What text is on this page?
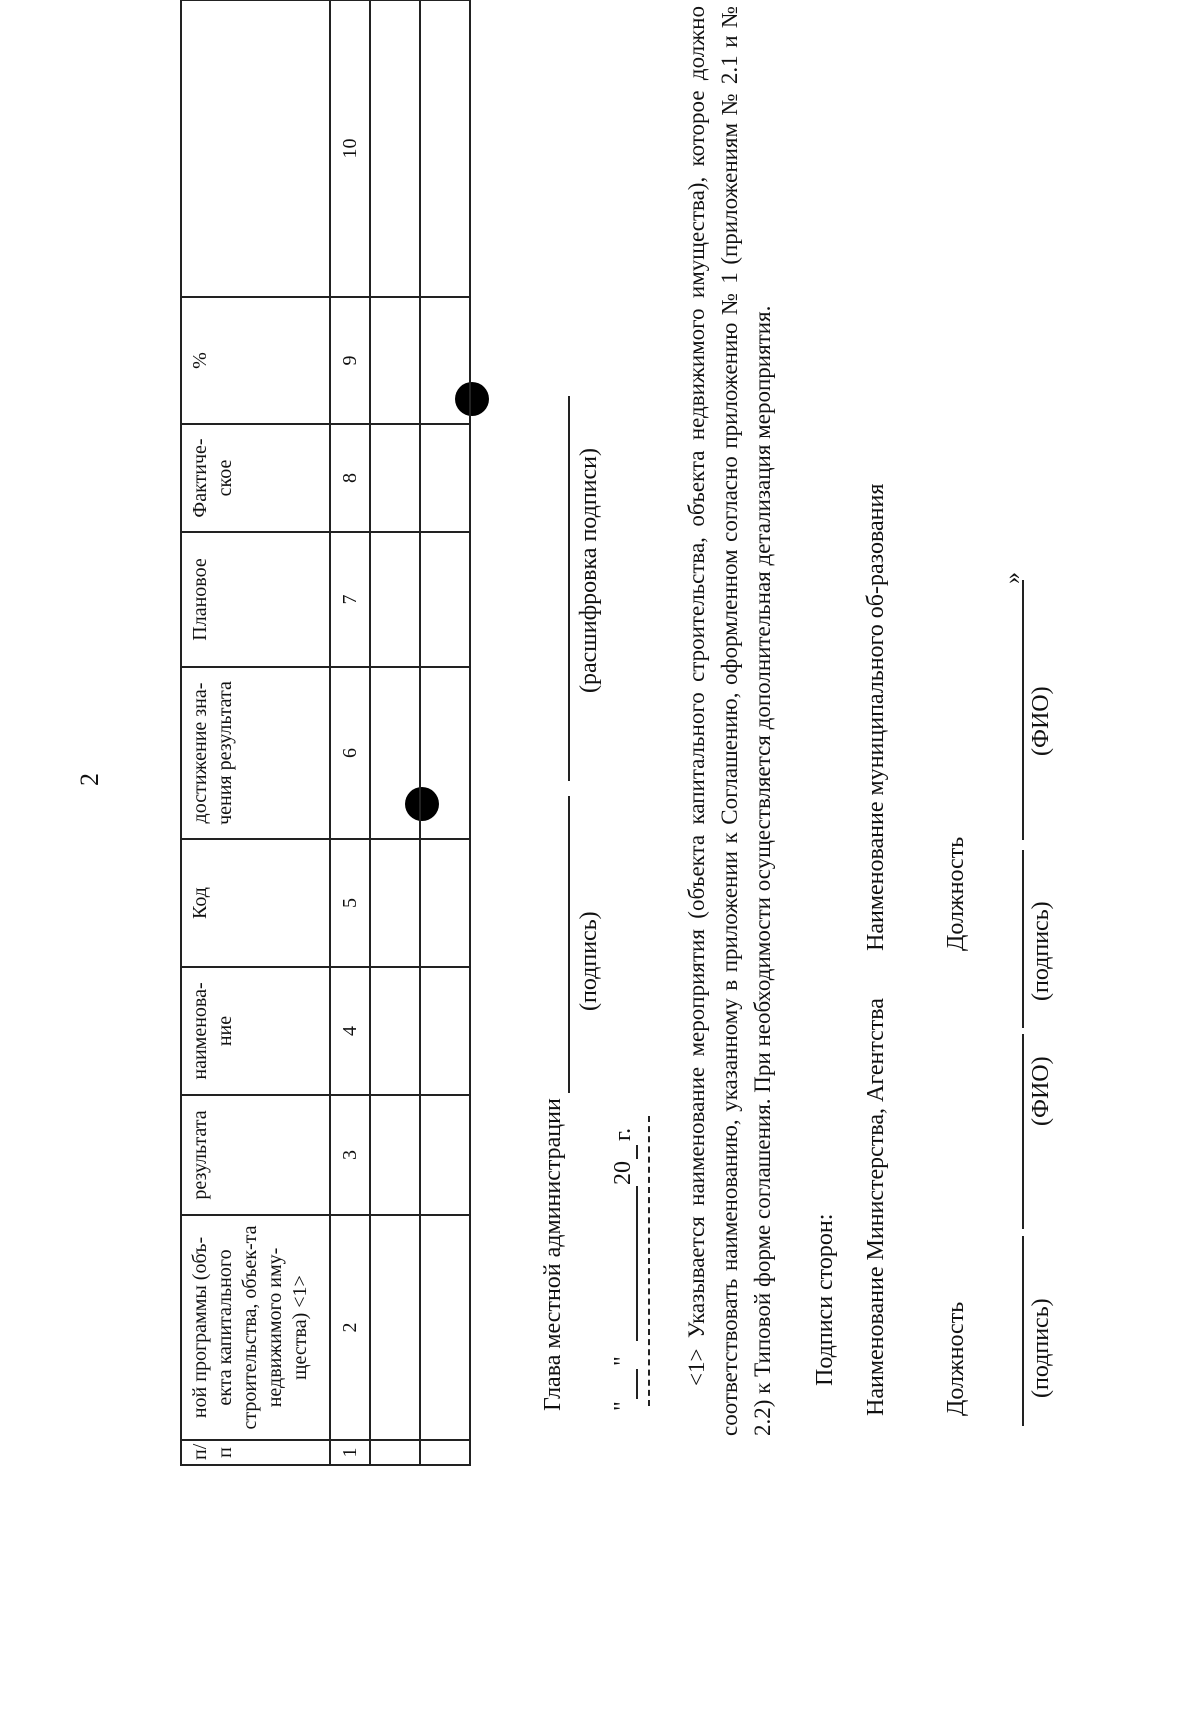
2
п/п	ной программы (объ-екта капитального строительства, объек-та недвижимого иму-щества) <1>	результата	наименова-ние	Код	достижение зна-чения результата	Плановое	Фактиче-ское	%	
1	2	3	4	5	6	7	8	9	10

Глава местной администрации
(подпись)
(расшифровка подписи)
"
"
20
г. <1> Указывается наименование мероприятия (объекта капитального строительства, объекта недвижимого имущества), которое должно соответствовать наименованию, указанному в приложении к Соглашению, оформленном согласно приложению № 1 (приложениям № 2.1 и № 2.2) к Типовой форме соглашения. При необходимости осуществляется дополнительная детализация мероприятия. Подписи сторон: Наименование Министерства, Агентства
Наименование муниципального об-разования
Должность
Должность
(подпись)
(ФИО)
(подпись)
(ФИО)
»
